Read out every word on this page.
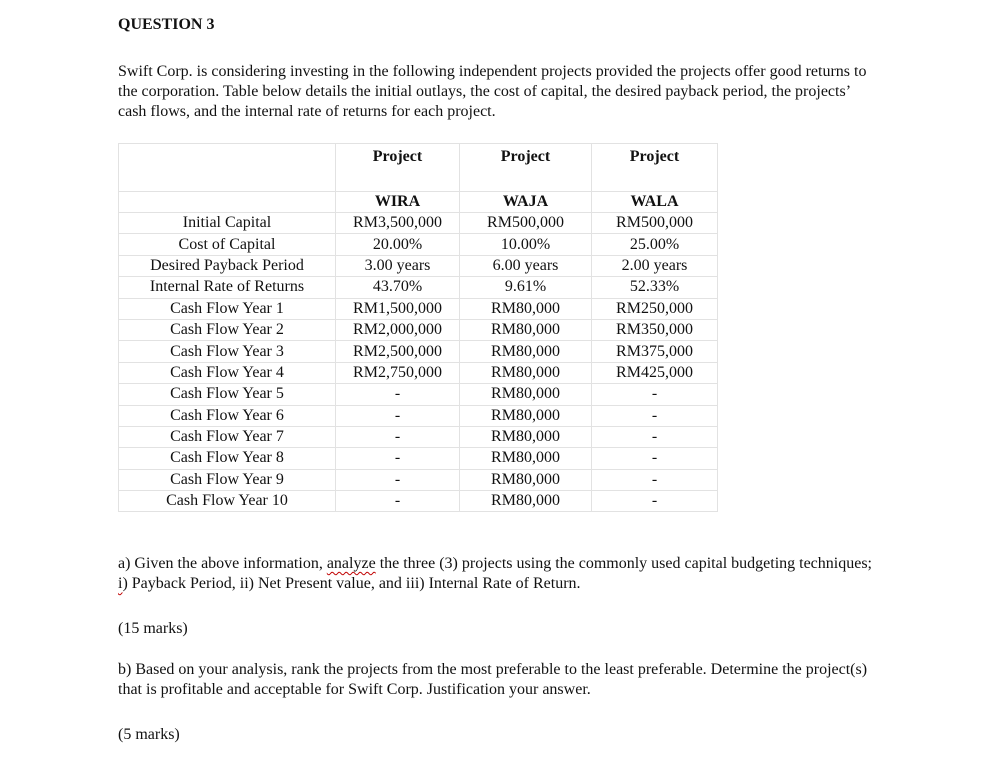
QUESTION 3

Swift Corp. is considering investing in the following independent projects provided the projects offer good returns to the corporation. Table below details the initial outlays, the cost of capital, the desired payback period, the projects’ cash flows, and the internal rate of returns for each project.

	Project	Project	Project
	WIRA	WAJA	WALA
Initial Capital	RM3,500,000	RM500,000	RM500,000
Cost of Capital	20.00%	10.00%	25.00%
Desired Payback Period	3.00 years	6.00 years	2.00 years
Internal Rate of Returns	43.70%	9.61%	52.33%
Cash Flow Year 1	RM1,500,000	RM80,000	RM250,000
Cash Flow Year 2	RM2,000,000	RM80,000	RM350,000
Cash Flow Year 3	RM2,500,000	RM80,000	RM375,000
Cash Flow Year 4	RM2,750,000	RM80,000	RM425,000
Cash Flow Year 5	-	RM80,000	-
Cash Flow Year 6	-	RM80,000	-
Cash Flow Year 7	-	RM80,000	-
Cash Flow Year 8	-	RM80,000	-
Cash Flow Year 9	-	RM80,000	-
Cash Flow Year 10	-	RM80,000	-

a) Given the above information, analyze the three (3) projects using the commonly used capital budgeting techniques; i) Payback Period, ii) Net Present value, and iii) Internal Rate of Return.

(15 marks)

b) Based on your analysis, rank the projects from the most preferable to the least preferable. Determine the project(s) that is profitable and acceptable for Swift Corp. Justification your answer.

(5 marks)
